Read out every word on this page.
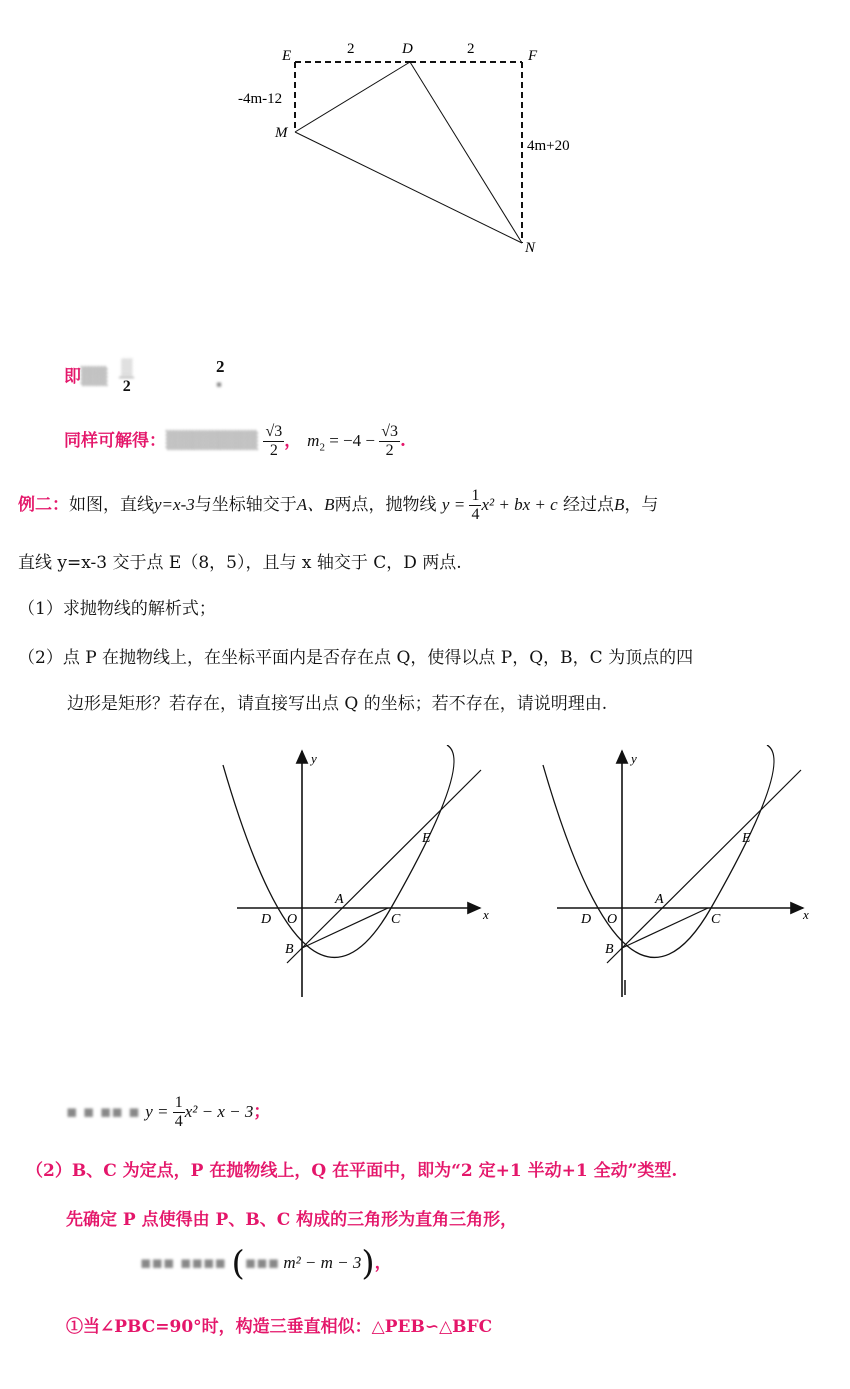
E	D	F
M
N
2	2
-4m-12
4m+20
即▒▒ $\frac{▒}{2}$	2
▪
同样可解得：▒▒▒▒▒▒▒ $\frac{√3}{2}$ ， $m_2 = -4 - \frac{√3}{2}$ .
例二：如图，直线y=x-3与坐标轴交于A、B两点，抛物线 $y = \frac{1}{4} x^2$ + bx + c 经过点B，与
直线 y=x-3 交于点 E（8，5），且与 x 轴交于 C，D 两点.
（1）求抛物线的解析式；
（2）点 P 在抛物线上，在坐标平面内是否存在点 Q，使得以点 P，Q，B，C 为顶点的四
边形是矩形？若存在，请直接写出点 Q 的坐标；若不存在，请说明理由.
y
x
D O
A
C
B
E
y
x
D O
A
C
B
E
▪ ▪ ▪▪ ▪ $y = \frac{1}{4} x^2 - x - 3$；
（2）B、C 为定点，P 在抛物线上，Q 在平面中，即为“2 定+1 半动+1 全动”类型.
先确定 P 点使得由 P、B、C 构成的三角形为直角三角形，
▪▪▪ ▪▪▪▪ (▪▪▪ m² − m − 3)，
①当∠PBC=90°时，构造三垂直相似：△PEB∽△BFC
